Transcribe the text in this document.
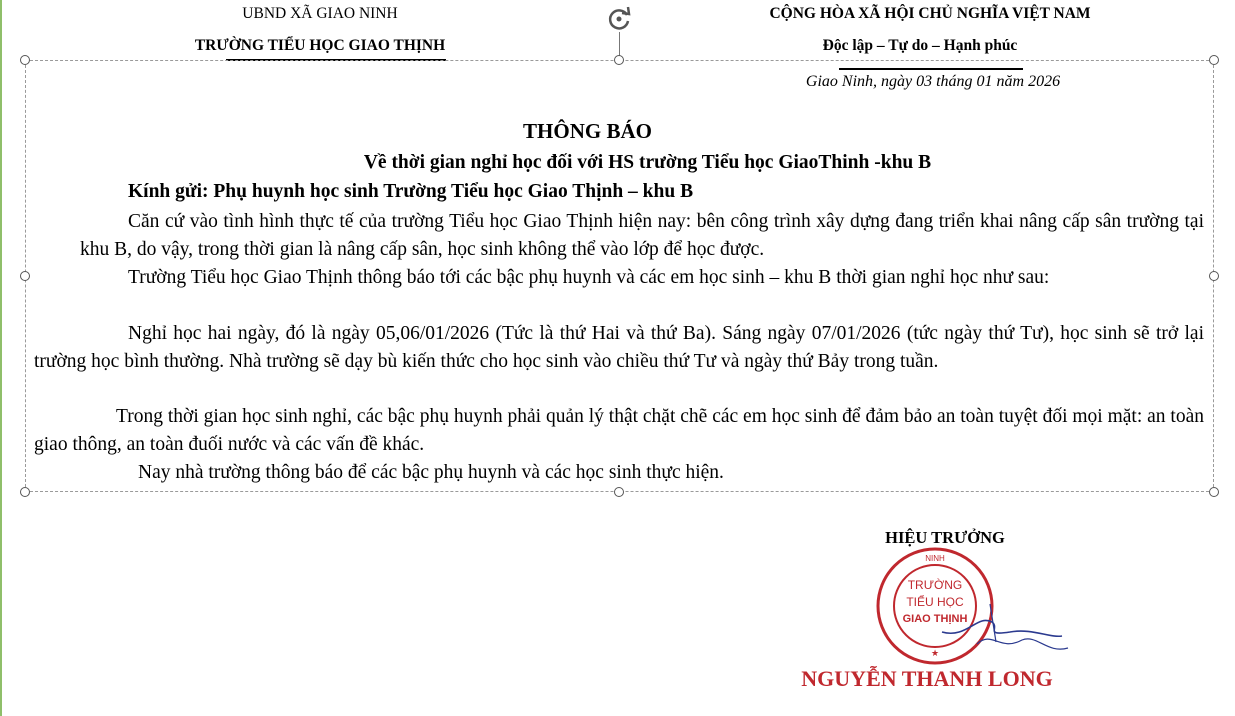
UBND XÃ GIAO NINH
TRƯỜNG TIỂU HỌC GIAO THỊNH
CỘNG HÒA XÃ HỘI CHỦ NGHĨA VIỆT NAM
Độc lập – Tự do – Hạnh phúc
Giao Ninh, ngày 03 tháng 01 năm 2026
THÔNG BÁO
Về thời gian nghỉ học đối với HS trường Tiểu học GiaoThinh -khu B
Kính gửi: Phụ huynh học sinh Trường Tiểu học Giao Thịnh – khu B
Căn cứ vào tình hình thực tế của trường Tiểu học Giao Thịnh hiện nay: bên công trình xây dựng đang triển khai nâng cấp sân trường tại khu B, do vậy, trong thời gian là nâng cấp sân, học sinh không thể vào lớp để học được.
Trường Tiểu học Giao Thịnh thông báo tới các bậc phụ huynh và các em học sinh – khu B thời gian nghỉ học như sau:
Nghỉ học hai ngày, đó là ngày 05,06/01/2026 (Tức là thứ Hai và thứ Ba). Sáng ngày 07/01/2026 (tức ngày thứ Tư), học sinh sẽ trở lại trường học bình thường. Nhà trường sẽ dạy bù kiến thức cho học sinh vào chiều thứ Tư và ngày thứ Bảy trong tuần.
Trong thời gian học sinh nghỉ, các bậc phụ huynh phải quản lý thật chặt chẽ các em học sinh để đảm bảo an toàn tuyệt đối mọi mặt: an toàn giao thông, an toàn đuối nước và các vấn đề khác.
Nay nhà trường thông báo để các bậc phụ huynh và các học sinh thực hiện.
HIỆU TRƯỞNG
TRƯỜNG
TIỂU HỌC
GIAO THỊNH
NINH
★
NGUYỄN THANH LONG
